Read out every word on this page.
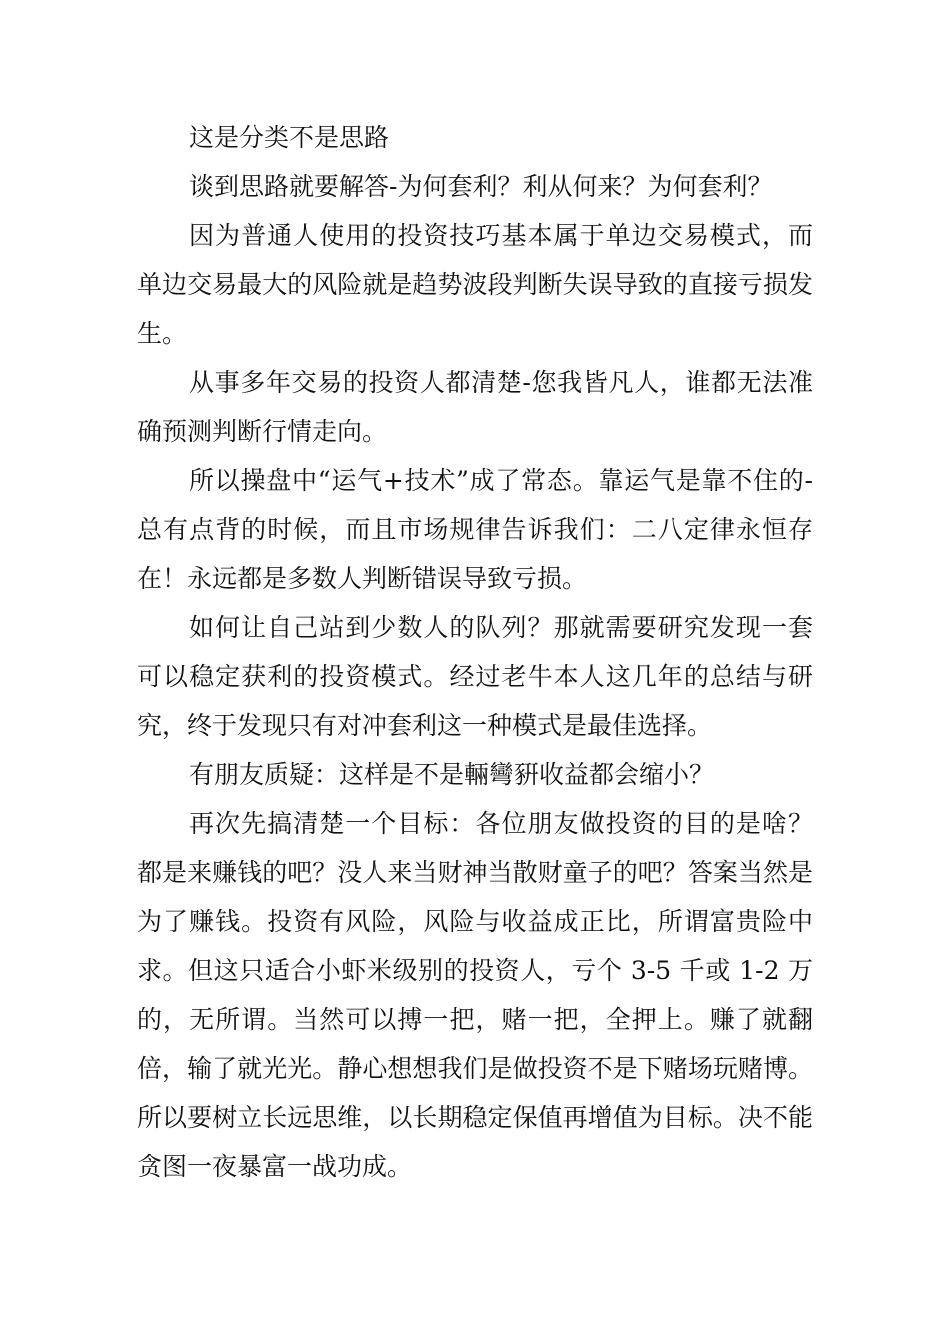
这是分类不是思路

谈到思路就要解答-为何套利？利从何来？为何套利？

因为普通人使用的投资技巧基本属于单边交易模式，而单边交易最大的风险就是趋势波段判断失误导致的直接亏损发生。

从事多年交易的投资人都清楚-您我皆凡人，谁都无法准确预测判断行情走向。

所以操盘中“运气+技术”成了常态。靠运气是靠不住的-总有点背的时候，而且市场规律告诉我们：二八定律永恒存在！永远都是多数人判断错误导致亏损。

如何让自己站到少数人的队列？那就需要研究发现一套可以稳定获利的投资模式。经过老牛本人这几年的总结与研究，终于发现只有对冲套利这一种模式是最佳选择。

有朋友质疑：这样是不是輛彎豣收益都会缩小？

再次先搞清楚一个目标：各位朋友做投资的目的是啥？都是来赚钱的吧？没人来当财神当散财童子的吧？答案当然是为了赚钱。投资有风险，风险与收益成正比，所谓富贵险中求。但这只适合小虾米级别的投资人，亏个 3-5 千或 1-2 万的，无所谓。当然可以搏一把，赌一把，全押上。赚了就翻倍，输了就光光。静心想想我们是做投资不是下赌场玩赌博。所以要树立长远思维，以长期稳定保值再增值为目标。决不能贪图一夜暴富一战功成。
